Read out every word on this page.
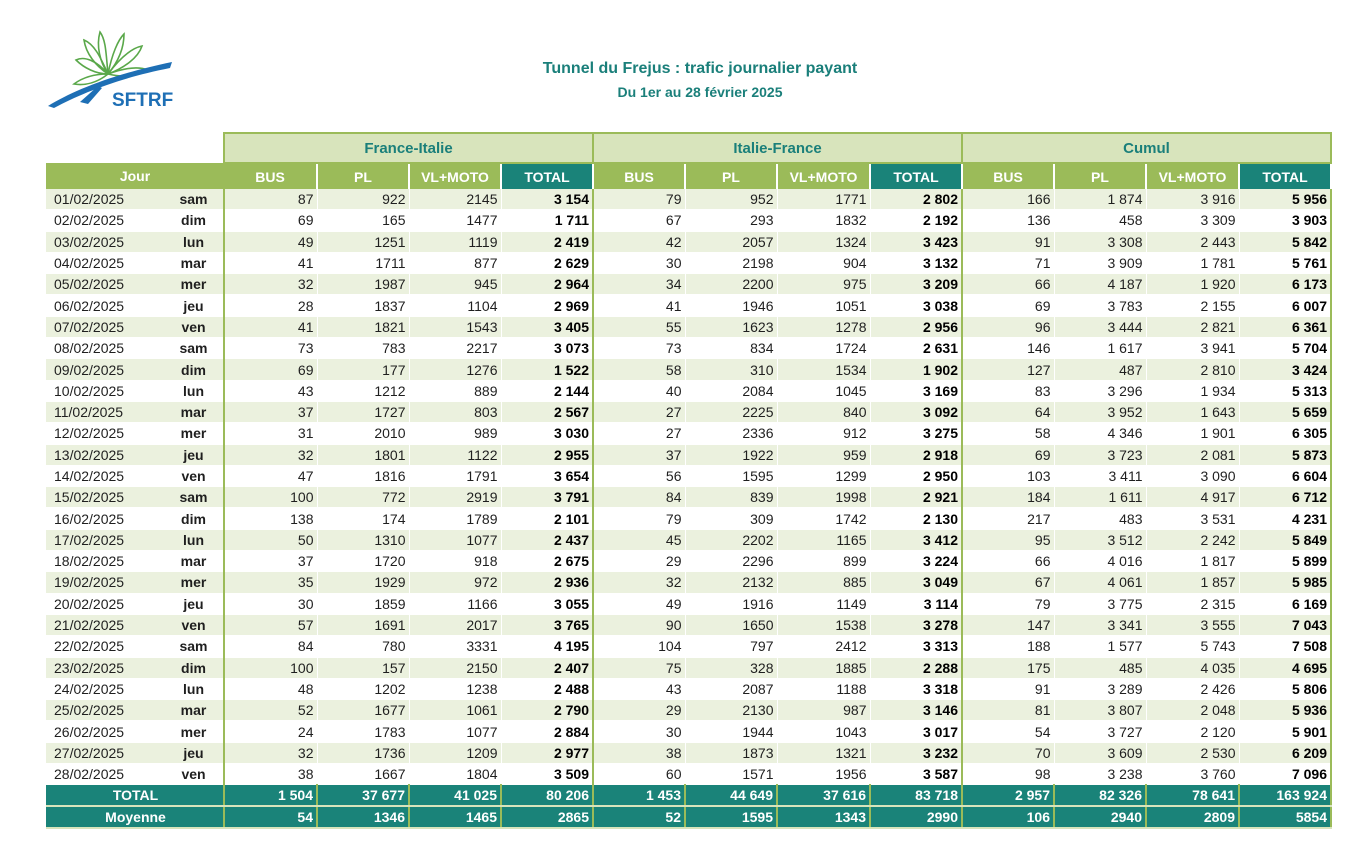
SFTRF
Tunnel du Frejus : trafic journalier payant
Du 1er au 28 février 2025
		France-Italie				Italie-France				Cumul			
Jour		BUS	PL	VL+MOTO	TOTAL	BUS	PL	VL+MOTO	TOTAL	BUS	PL	VL+MOTO	TOTAL
01/02/2025	sam	87	922	2145	3 154	79	952	1771	2 802	166	1 874	3 916	5 956
02/02/2025	dim	69	165	1477	1 711	67	293	1832	2 192	136	458	3 309	3 903
03/02/2025	lun	49	1251	1119	2 419	42	2057	1324	3 423	91	3 308	2 443	5 842
04/02/2025	mar	41	1711	877	2 629	30	2198	904	3 132	71	3 909	1 781	5 761
05/02/2025	mer	32	1987	945	2 964	34	2200	975	3 209	66	4 187	1 920	6 173
06/02/2025	jeu	28	1837	1104	2 969	41	1946	1051	3 038	69	3 783	2 155	6 007
07/02/2025	ven	41	1821	1543	3 405	55	1623	1278	2 956	96	3 444	2 821	6 361
08/02/2025	sam	73	783	2217	3 073	73	834	1724	2 631	146	1 617	3 941	5 704
09/02/2025	dim	69	177	1276	1 522	58	310	1534	1 902	127	487	2 810	3 424
10/02/2025	lun	43	1212	889	2 144	40	2084	1045	3 169	83	3 296	1 934	5 313
11/02/2025	mar	37	1727	803	2 567	27	2225	840	3 092	64	3 952	1 643	5 659
12/02/2025	mer	31	2010	989	3 030	27	2336	912	3 275	58	4 346	1 901	6 305
13/02/2025	jeu	32	1801	1122	2 955	37	1922	959	2 918	69	3 723	2 081	5 873
14/02/2025	ven	47	1816	1791	3 654	56	1595	1299	2 950	103	3 411	3 090	6 604
15/02/2025	sam	100	772	2919	3 791	84	839	1998	2 921	184	1 611	4 917	6 712
16/02/2025	dim	138	174	1789	2 101	79	309	1742	2 130	217	483	3 531	4 231
17/02/2025	lun	50	1310	1077	2 437	45	2202	1165	3 412	95	3 512	2 242	5 849
18/02/2025	mar	37	1720	918	2 675	29	2296	899	3 224	66	4 016	1 817	5 899
19/02/2025	mer	35	1929	972	2 936	32	2132	885	3 049	67	4 061	1 857	5 985
20/02/2025	jeu	30	1859	1166	3 055	49	1916	1149	3 114	79	3 775	2 315	6 169
21/02/2025	ven	57	1691	2017	3 765	90	1650	1538	3 278	147	3 341	3 555	7 043
22/02/2025	sam	84	780	3331	4 195	104	797	2412	3 313	188	1 577	5 743	7 508
23/02/2025	dim	100	157	2150	2 407	75	328	1885	2 288	175	485	4 035	4 695
24/02/2025	lun	48	1202	1238	2 488	43	2087	1188	3 318	91	3 289	2 426	5 806
25/02/2025	mar	52	1677	1061	2 790	29	2130	987	3 146	81	3 807	2 048	5 936
26/02/2025	mer	24	1783	1077	2 884	30	1944	1043	3 017	54	3 727	2 120	5 901
27/02/2025	jeu	32	1736	1209	2 977	38	1873	1321	3 232	70	3 609	2 530	6 209
28/02/2025	ven	38	1667	1804	3 509	60	1571	1956	3 587	98	3 238	3 760	7 096
TOTAL		1 504	37 677	41 025	80 206	1 453	44 649	37 616	83 718	2 957	82 326	78 641	163 924
Moyenne		54	1346	1465	2865	52	1595	1343	2990	106	2940	2809	5854
